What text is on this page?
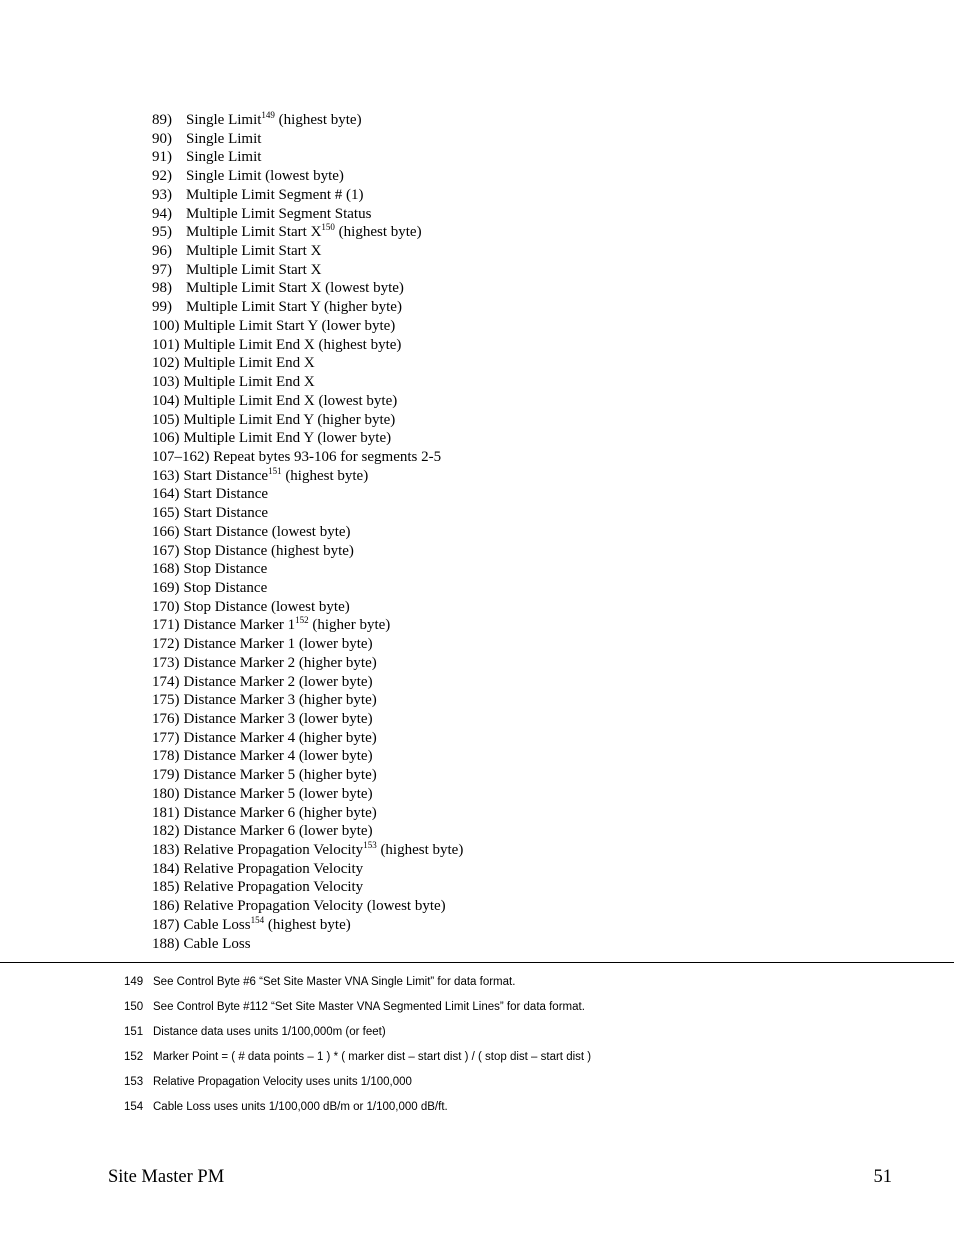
89) Single Limit$^{149}$ (highest byte)
90) Single Limit
91) Single Limit
92) Single Limit (lowest byte)
93) Multiple Limit Segment # (1)
94) Multiple Limit Segment Status
95) Multiple Limit Start $X^{150}$ (highest byte)
96) Multiple Limit Start X
97) Multiple Limit Start X
98) Multiple Limit Start X (lowest byte)
99) Multiple Limit Start Y (higher byte)
100) Multiple Limit Start Y (lower byte)
101) Multiple Limit End X (highest byte)
102) Multiple Limit End X
103) Multiple Limit End X
104) Multiple Limit End X (lowest byte)
105) Multiple Limit End Y (higher byte)
106) Multiple Limit End Y (lower byte)
107–162) Repeat bytes 93-106 for segments 2-5
163) Start Distance$^{151}$ (highest byte)
164) Start Distance
165) Start Distance
166) Start Distance (lowest byte)
167) Stop Distance (highest byte)
168) Stop Distance
169) Stop Distance
170) Stop Distance (lowest byte)
171) Distance Marker $1^{152}$ (higher byte)
172) Distance Marker 1 (lower byte)
173) Distance Marker 2 (higher byte)
174) Distance Marker 2 (lower byte)
175) Distance Marker 3 (higher byte)
176) Distance Marker 3 (lower byte)
177) Distance Marker 4 (higher byte)
178) Distance Marker 4 (lower byte)
179) Distance Marker 5 (higher byte)
180) Distance Marker 5 (lower byte)
181) Distance Marker 6 (higher byte)
182) Distance Marker 6 (lower byte)
183) Relative Propagation Velocity$^{153}$ (highest byte)
184) Relative Propagation Velocity
185) Relative Propagation Velocity
186) Relative Propagation Velocity (lowest byte)
187) Cable Loss$^{154}$ (highest byte)
188) Cable Loss
149 See Control Byte #6 “Set Site Master VNA Single Limit” for data format.
150 See Control Byte #112 “Set Site Master VNA Segmented Limit Lines” for data format.
151 Distance data uses units 1/100,000m (or feet)
152 Marker Point = ( # data points – 1 ) * ( marker dist – start dist ) / ( stop dist – start dist )
153 Relative Propagation Velocity uses units 1/100,000
154 Cable Loss uses units 1/100,000 dB/m or 1/100,000 dB/ft.
Site Master PM	51
